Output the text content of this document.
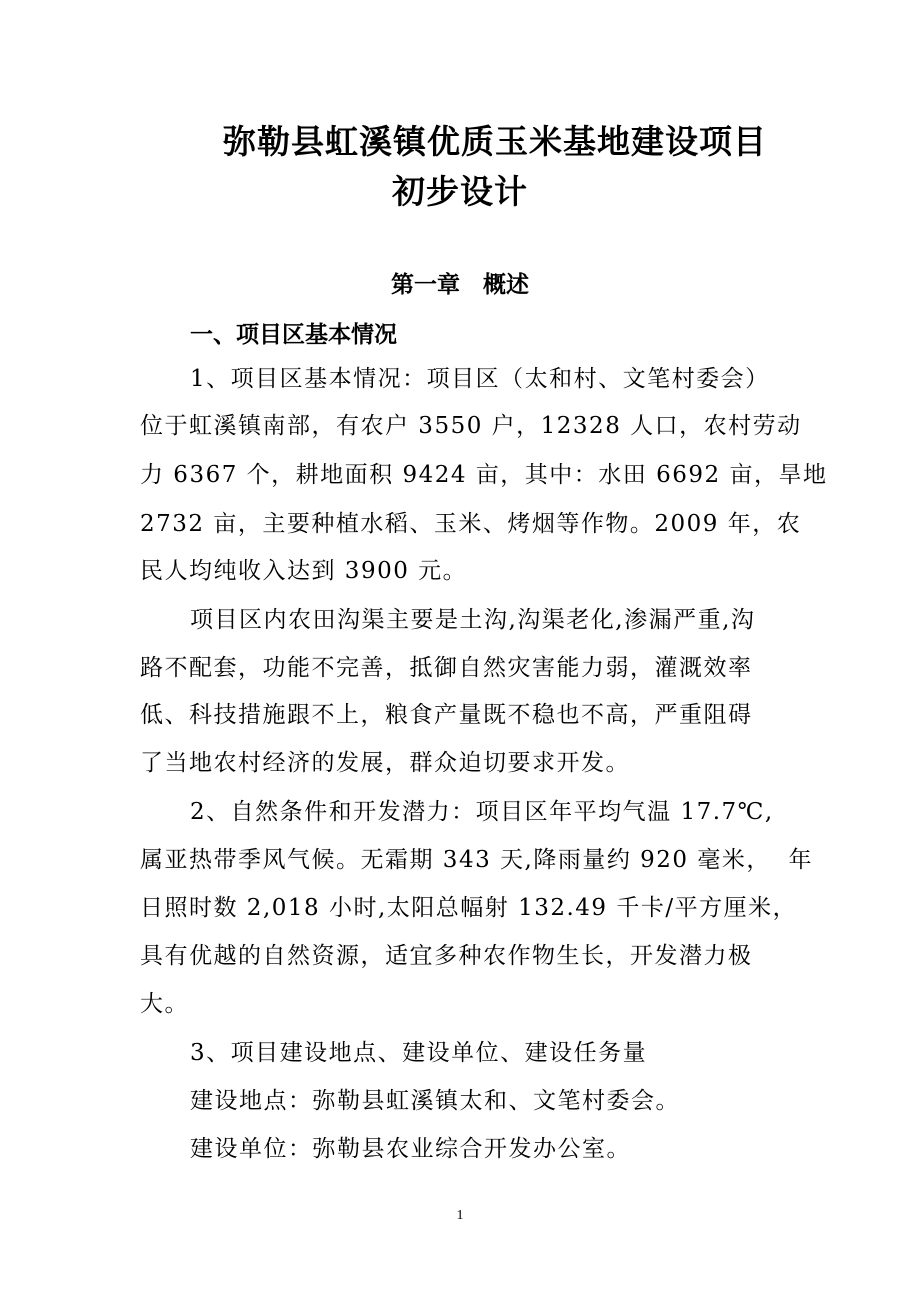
弥勒县虹溪镇优质玉米基地建设项目
初步设计
第一章　概述
一、项目区基本情况
1、项目区基本情况：项目区（太和村、文笔村委会）
位于虹溪镇南部，有农户 3550 户，12328 人口，农村劳动
力 6367 个，耕地面积 9424 亩，其中：水田 6692 亩，旱地
2732 亩，主要种植水稻、玉米、烤烟等作物。2009 年，农
民人均纯收入达到 3900 元。
项目区内农田沟渠主要是土沟,沟渠老化,渗漏严重,沟
路不配套，功能不完善，抵御自然灾害能力弱，灌溉效率
低、科技措施跟不上，粮食产量既不稳也不高，严重阻碍
了当地农村经济的发展，群众迫切要求开发。
2、自然条件和开发潜力：项目区年平均气温 17.7℃,
属亚热带季风气候。无霜期 343 天,降雨量约 920 毫米，  年
日照时数 2,018 小时,太阳总幅射 132.49 千卡/平方厘米，
具有优越的自然资源，适宜多种农作物生长，开发潜力极
大。
3、项目建设地点、建设单位、建设任务量
建设地点：弥勒县虹溪镇太和、文笔村委会。
建设单位：弥勒县农业综合开发办公室。
1
